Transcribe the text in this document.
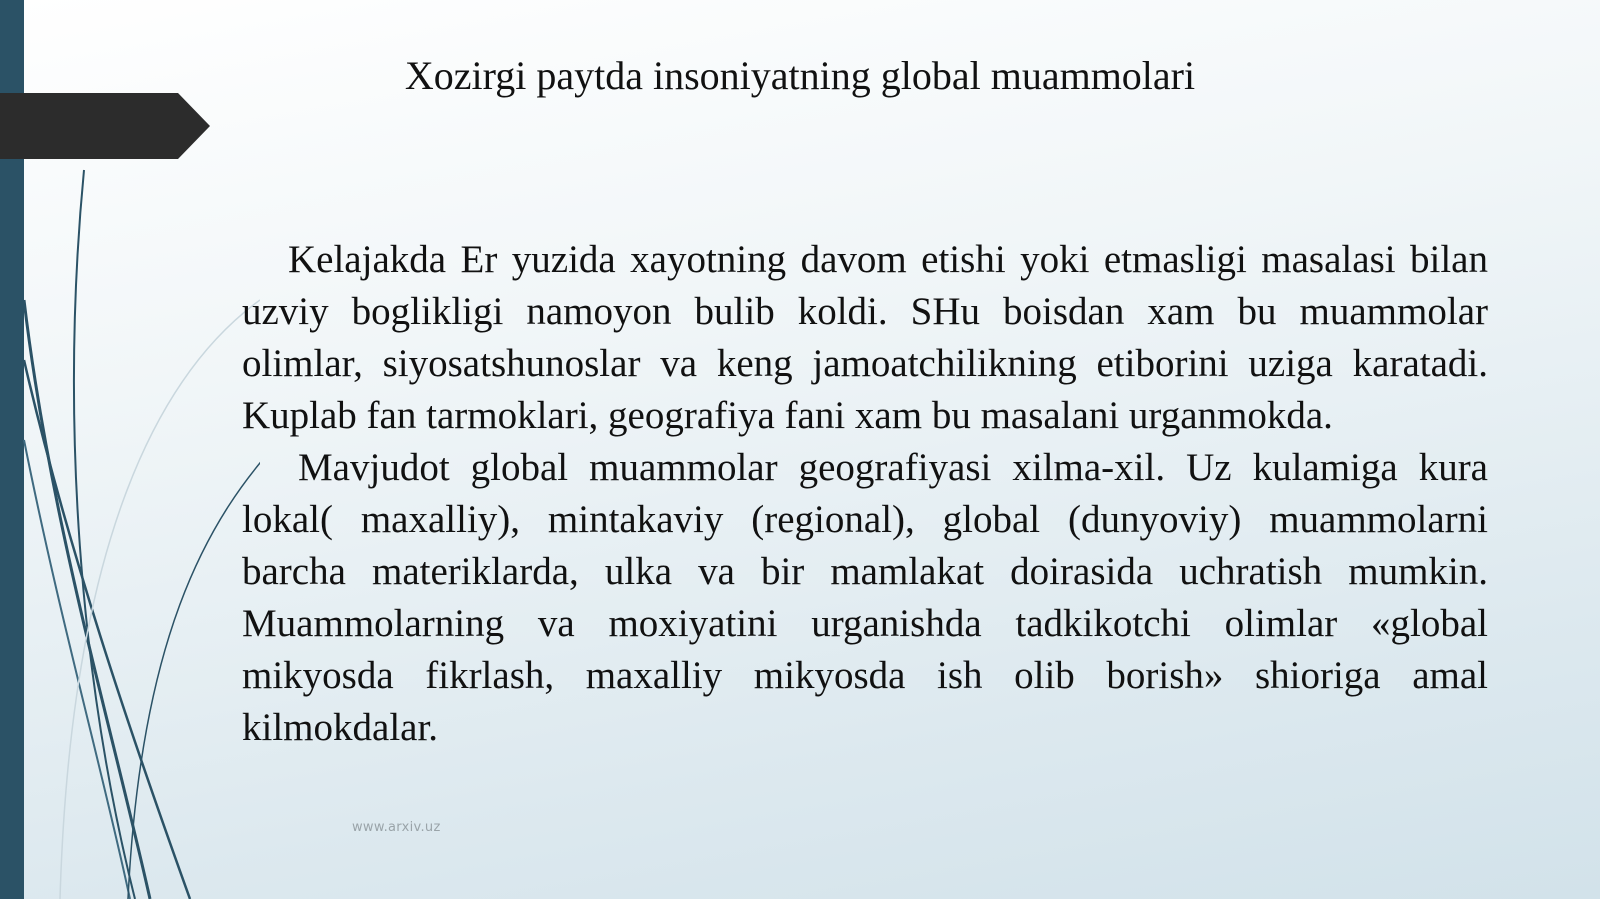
Xozirgi paytda insoniyatning global muammolari

Kelajakda Er yuzida xayotning davom etishi yoki etmasligi masalasi bilan uzviy boglikligi namoyon bulib koldi. SHu boisdan xam bu muammolar olimlar, siyosatshunoslar va keng jamoatchilikning etiborini uziga karatadi. Kuplab fan tarmoklari, geografiya fani xam bu masalani urganmokda.

Mavjudot global muammolar geografiyasi xilma-xil. Uz kulamiga kura lokal( maxalliy), mintakaviy (regional), global (dunyoviy) muammolarni barcha materiklarda, ulka va bir mamlakat doirasida uchratish mumkin. Muammolarning va moxiyatini urganishda tadkikotchi olimlar «global mikyosda fikrlash, maxalliy mikyosda ish olib borish» shioriga amal kilmokdalar.

www.arxiv.uz
